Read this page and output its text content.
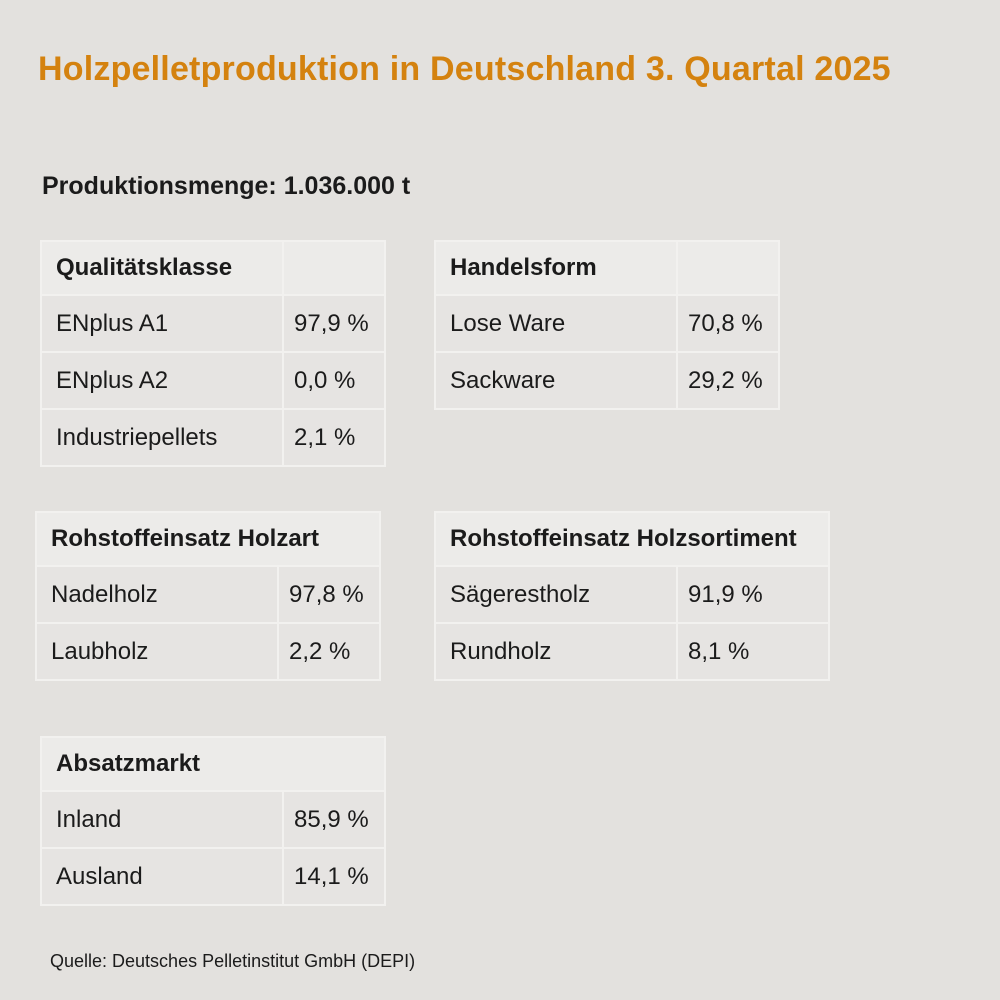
Holzpelletproduktion in Deutschland 3. Quartal 2025
Produktionsmenge: 1.036.000 t
Qualitätsklasse
ENplus A1	97,9 %
ENplus A2	0,0 %
Industriepellets	2,1 %
Handelsform
Lose Ware	70,8 %
Sackware	29,2 %
Rohstoffeinsatz Holzart
Nadelholz	97,8 %
Laubholz	2,2 %
Rohstoffeinsatz Holzsortiment
Sägerestholz	91,9 %
Rundholz	8,1 %
Absatzmarkt
Inland	85,9 %
Ausland	14,1 %
Quelle: Deutsches Pelletinstitut GmbH (DEPI)
